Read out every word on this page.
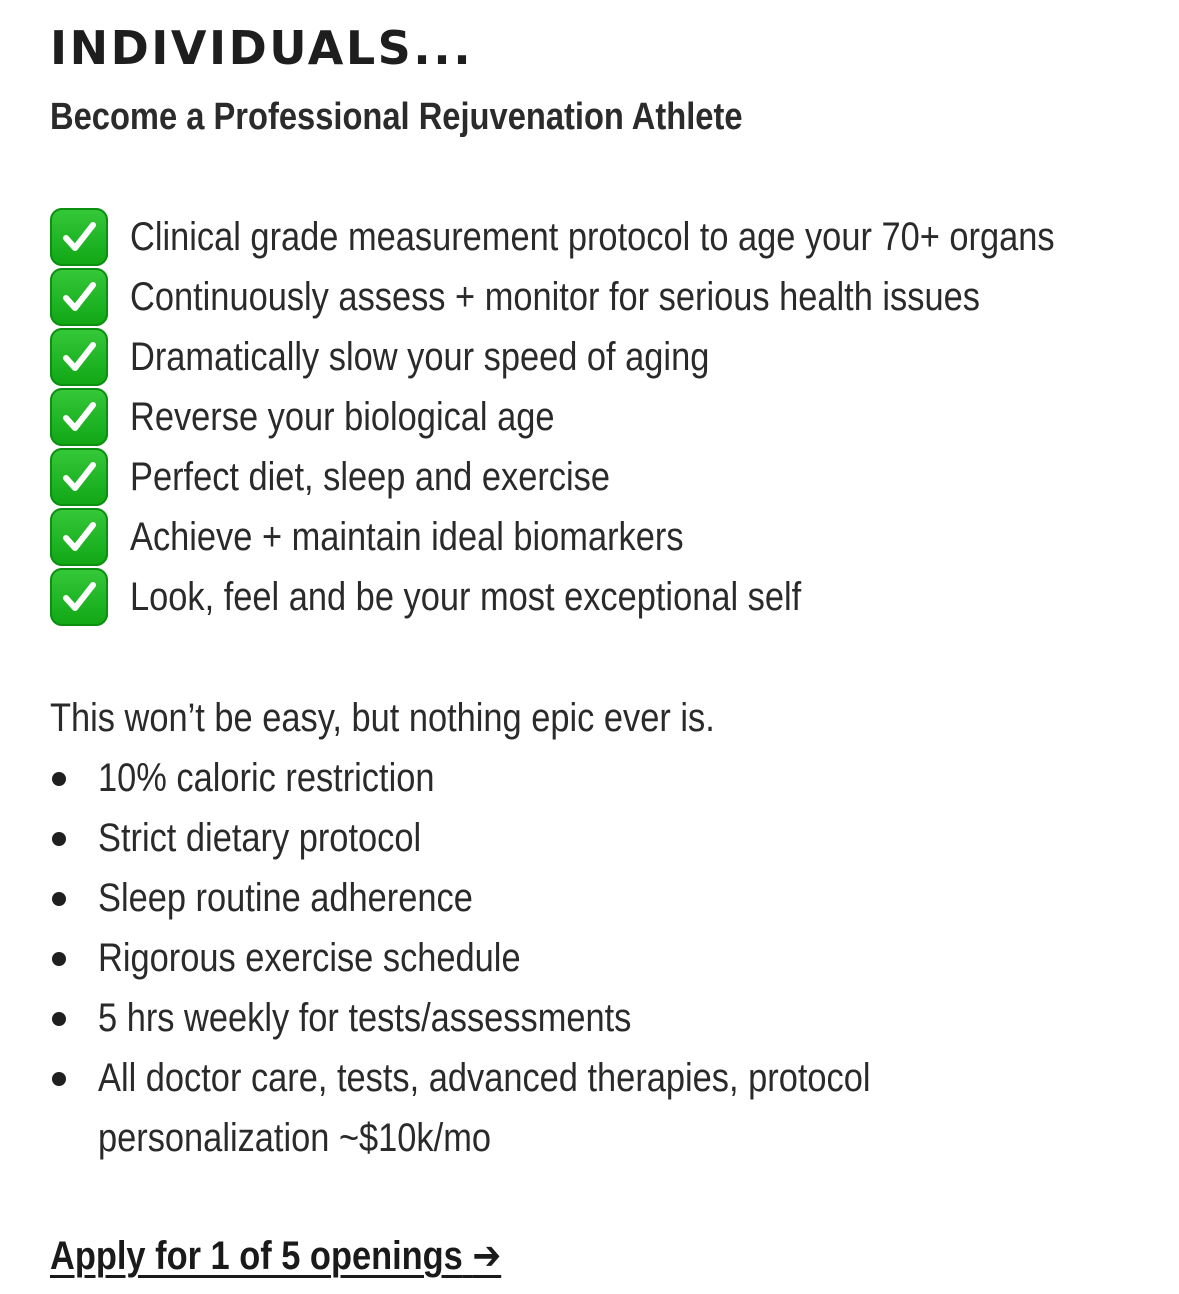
INDIVIDUALS...
Become a Professional Rejuvenation Athlete
Clinical grade measurement protocol to age your 70+ organs
Continuously assess + monitor for serious health issues
Dramatically slow your speed of aging
Reverse your biological age
Perfect diet, sleep and exercise
Achieve + maintain ideal biomarkers
Look, feel and be your most exceptional self

This won’t be easy, but nothing epic ever is.

10% caloric restriction
Strict dietary protocol
Sleep routine adherence
Rigorous exercise schedule
5 hrs weekly for tests/assessments
All doctor care, tests, advanced therapies, protocol personalization ~$10k/mo
Apply for 1 of 5 openings ➔
